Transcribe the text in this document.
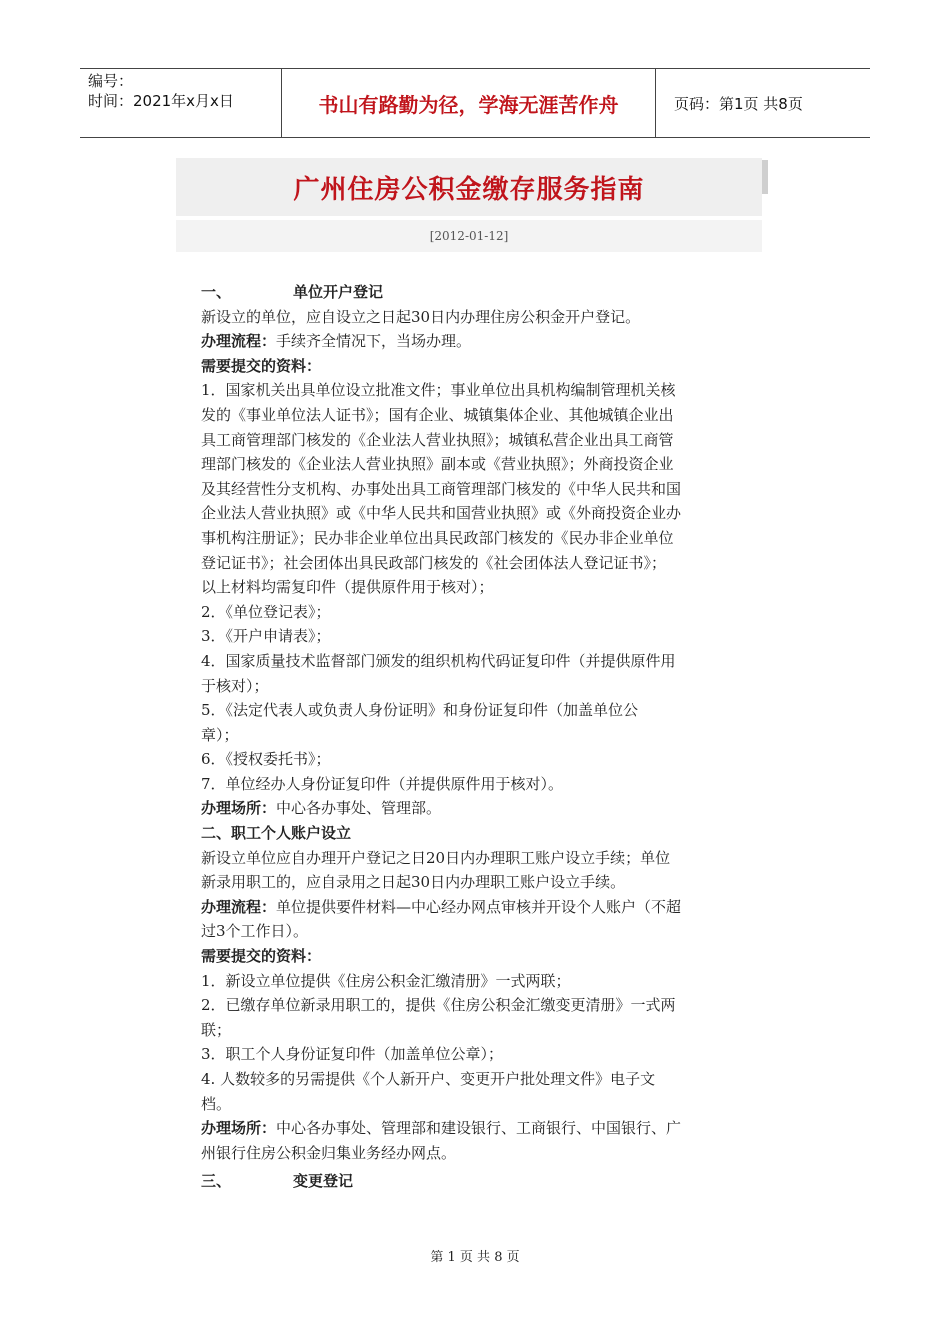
编号：
时间：2021年x月x日	书山有路勤为径，学海无涯苦作舟	页码：第1页 共8页
广州住房公积金缴存服务指南
[2012-01-12]

一、	单位开户登记

新设立的单位，应自设立之日起30日内办理住房公积金开户登记。

办理流程：手续齐全情况下，当场办理。

需要提交的资料：

1．国家机关出具单位设立批准文件；事业单位出具机构编制管理机关核

发的《事业单位法人证书》；国有企业、城镇集体企业、其他城镇企业出

具工商管理部门核发的《企业法人营业执照》；城镇私营企业出具工商管

理部门核发的《企业法人营业执照》副本或《营业执照》；外商投资企业

及其经营性分支机构、办事处出具工商管理部门核发的《中华人民共和国

企业法人营业执照》或《中华人民共和国营业执照》或《外商投资企业办

事机构注册证》；民办非企业单位出具民政部门核发的《民办非企业单位

登记证书》；社会团体出具民政部门核发的《社会团体法人登记证书》；

以上材料均需复印件（提供原件用于核对）；

2．《单位登记表》；

3．《开户申请表》；

4．国家质量技术监督部门颁发的组织机构代码证复印件（并提供原件用

于核对）；

5．《法定代表人或负责人身份证明》和身份证复印件（加盖单位公

章）；

6．《授权委托书》；

7．单位经办人身份证复印件（并提供原件用于核对）。

办理场所：中心各办事处、管理部。

二、职工个人账户设立

新设立单位应自办理开户登记之日20日内办理职工账户设立手续；单位

新录用职工的，应自录用之日起30日内办理职工账户设立手续。

办理流程：单位提供要件材料—中心经办网点审核并开设个人账户（不超

过3个工作日）。

需要提交的资料：

1．新设立单位提供《住房公积金汇缴清册》一式两联；

2．已缴存单位新录用职工的，提供《住房公积金汇缴变更清册》一式两

联；

3．职工个人身份证复印件（加盖单位公章）；

4. 人数较多的另需提供《个人新开户、变更开户批处理文件》电子文

档。

办理场所：中心各办事处、管理部和建设银行、工商银行、中国银行、广

州银行住房公积金归集业务经办网点。

三、	变更登记

第 1 页 共 8 页
